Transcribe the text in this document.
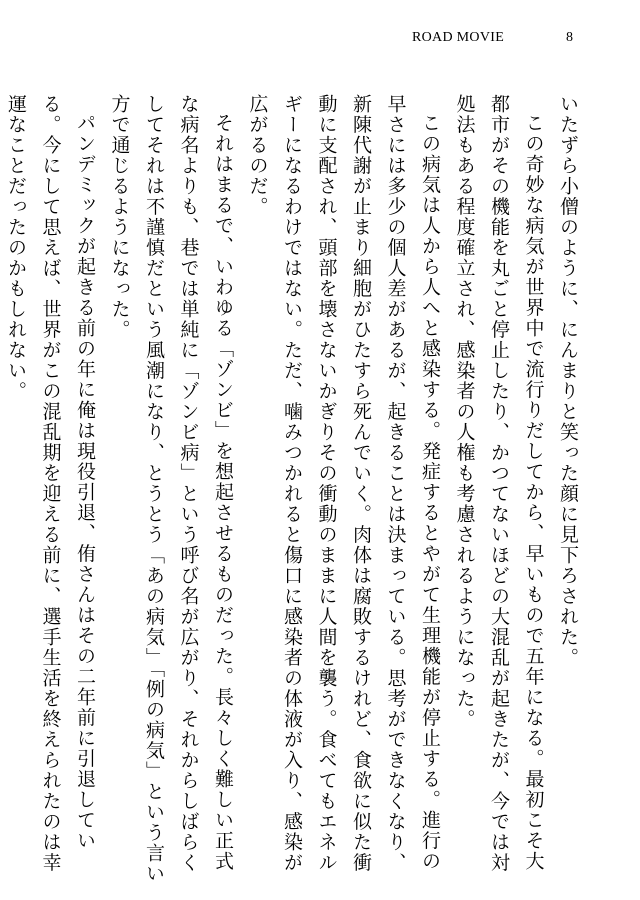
ROAD MOVIE	8

いたずら小僧のように、にんまりと笑った顔に見下ろされた。

この奇妙な病気が世界中で流行りだしてから、早いもので五年になる。最初こそ大都市がその機能を丸ごと停止したり、かつてないほどの大混乱が起きたが、今では対処法もある程度確立され、感染者の人権も考慮されるようになった。

この病気は人から人へと感染する。発症するとやがて生理機能が停止する。進行の早さには多少の個人差があるが、起きることは決まっている。思考ができなくなり、新陳代謝が止まり細胞がひたすら死んでいく。肉体は腐敗するけれど、食欲に似た衝動に支配され、頭部を壊さないかぎりその衝動のままに人間を襲う。食べてもエネルギーになるわけではない。ただ、噛みつかれると傷口に感染者の体液が入り、感染が広がるのだ。

それはまるで、いわゆる「ゾンビ」を想起させるものだった。長々しく難しい正式な病名よりも、巷では単純に「ゾンビ病」という呼び名が広がり、それからしばらくしてそれは不謹慎だという風潮になり、とうとう「あの病気」「例の病気」という言い方で通じるようになった。

パンデミックが起きる前の年に俺は現役引退、侑さんはその二年前に引退している。今にして思えば、世界がこの混乱期を迎える前に、選手生活を終えられたのは幸運なことだったのかもしれない。
